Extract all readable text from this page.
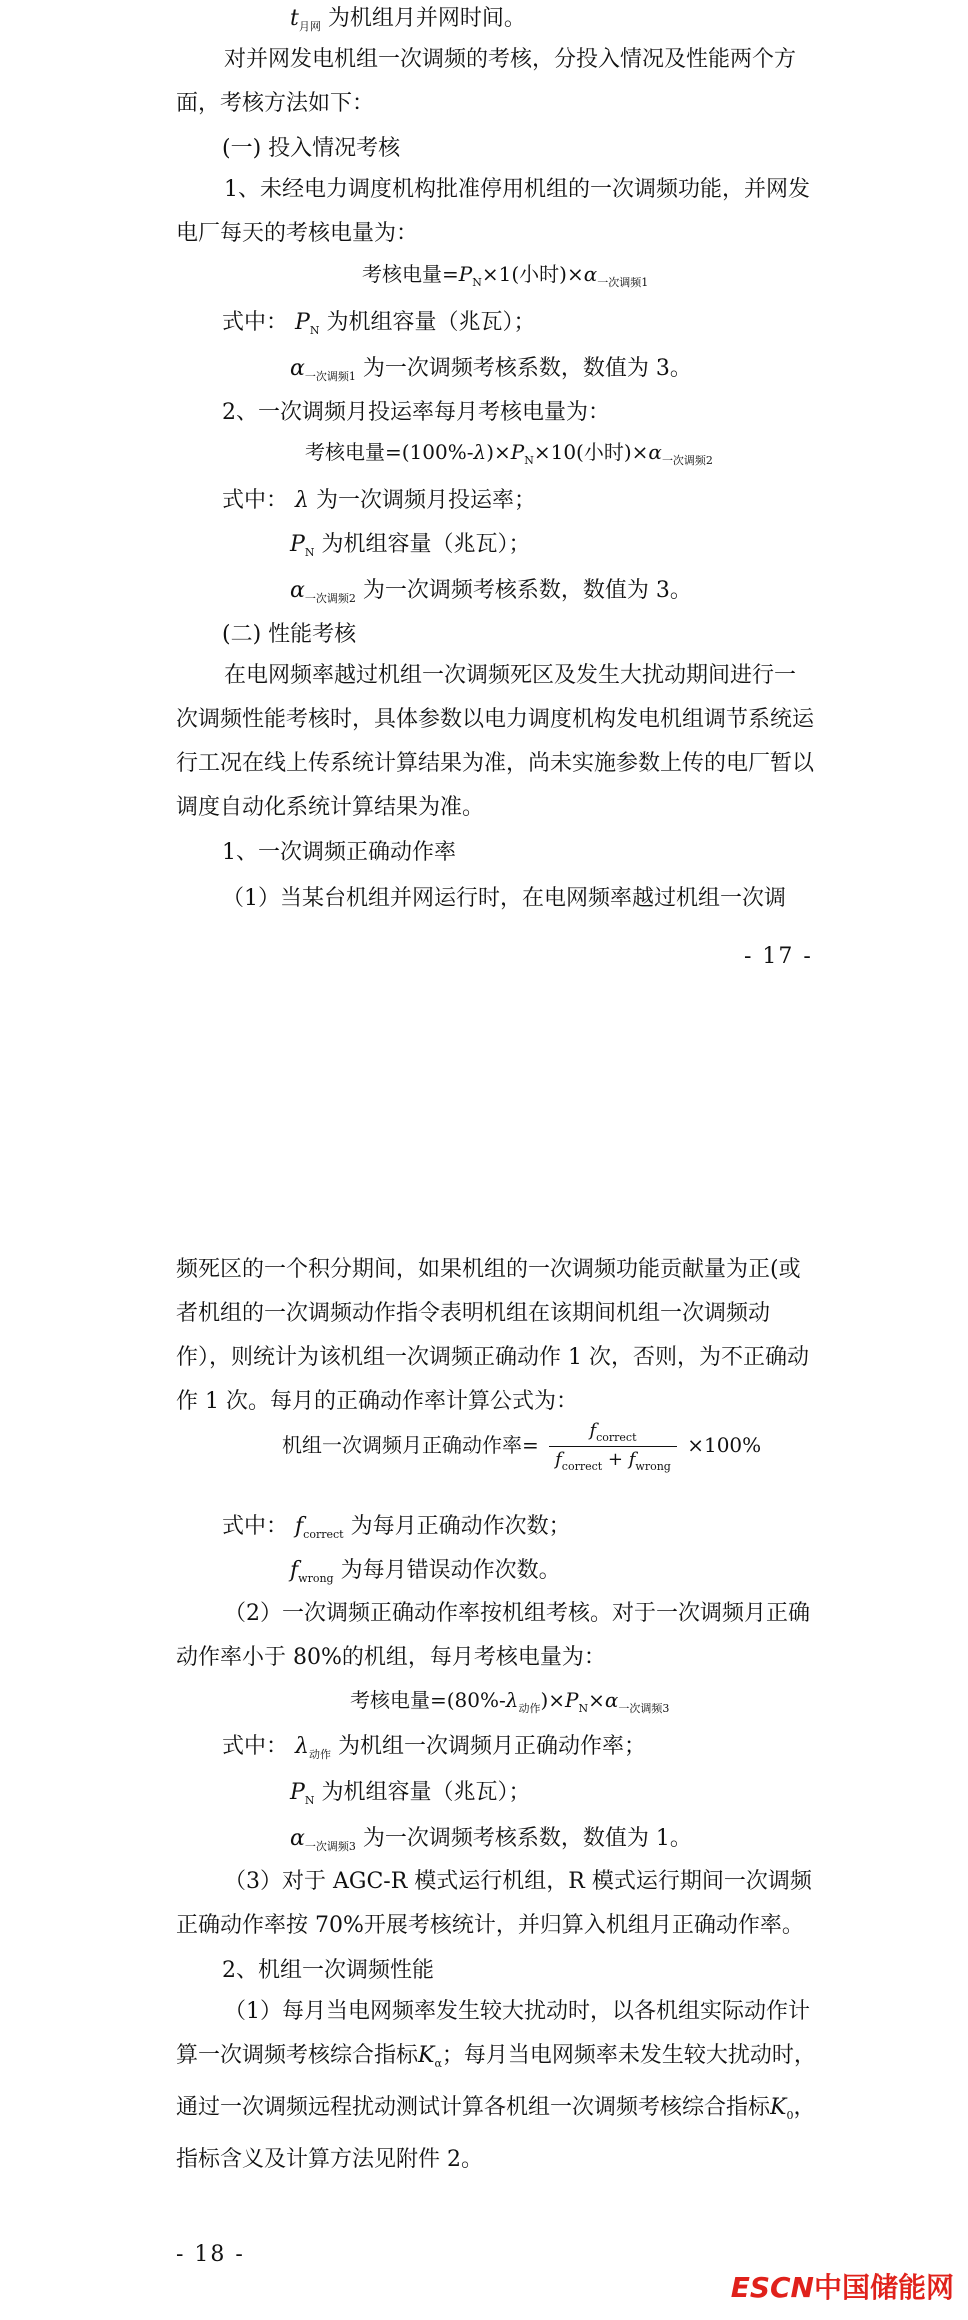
$t_{月网}$ 为机组月并网时间。
对并网发电机组一次调频的考核，分投入情况及性能两个方面，考核方法如下：
(一) 投入情况考核
1、未经电力调度机构批准停用机组的一次调频功能，并网发电厂每天的考核电量为：
考核电量$=P_N\times 1$(小时)$\times\alpha_{一次调频1}$
式中： $P_N$ 为机组容量（兆瓦）；
$\alpha_{一次调频1}$ 为一次调频考核系数，数值为 3。
2、一次调频月投运率每月考核电量为：
考核电量$=(100\%-\lambda)\times P_N\times 10$(小时)$\times\alpha_{一次调频2}$
式中： λ 为一次调频月投运率；
$P_N$ 为机组容量（兆瓦）；
$\alpha_{一次调频2}$ 为一次调频考核系数，数值为 3。
(二) 性能考核
在电网频率越过机组一次调频死区及发生大扰动期间进行一次调频性能考核时，具体参数以电力调度机构发电机组调节系统运行工况在线上传系统计算结果为准，尚未实施参数上传的电厂暂以调度自动化系统计算结果为准。
1、一次调频正确动作率
（1）当某台机组并网运行时，在电网频率越过机组一次调
- 17 -
频死区的一个积分期间，如果机组的一次调频功能贡献量为正(或者机组的一次调频动作指令表明机组在该期间机组一次调频动作），则统计为该机组一次调频正确动作 1 次，否则，为不正确动作 1 次。每月的正确动作率计算公式为：
机组一次调频月正确动作率= $\frac{f_{correct}}{f_{correct} + f_{wrong}} \times 100\%$
式中： $f_{correct}$ 为每月正确动作次数；
$f_{wrong}$ 为每月错误动作次数。
（2）一次调频正确动作率按机组考核。对于一次调频月正确动作率小于 80%的机组，每月考核电量为：
考核电量$=(80\%-\lambda_{动作})\times P_N\times\alpha_{一次调频3}$
式中： $\lambda_{动作}$ 为机组一次调频月正确动作率；
$P_N$ 为机组容量（兆瓦）；
$\alpha_{一次调频3}$ 为一次调频考核系数，数值为 1。
（3）对于 AGC-R 模式运行机组，R 模式运行期间一次调频正确动作率按 70%开展考核统计，并归算入机组月正确动作率。
2、机组一次调频性能
（1）每月当电网频率发生较大扰动时，以各机组实际动作计算一次调频考核综合指标$K_\alpha$；每月当电网频率未发生较大扰动时，通过一次调频远程扰动测试计算各机组一次调频考核综合指标$K_0$，指标含义及计算方法见附件 2。
- 18 -
ESCN中国储能网
